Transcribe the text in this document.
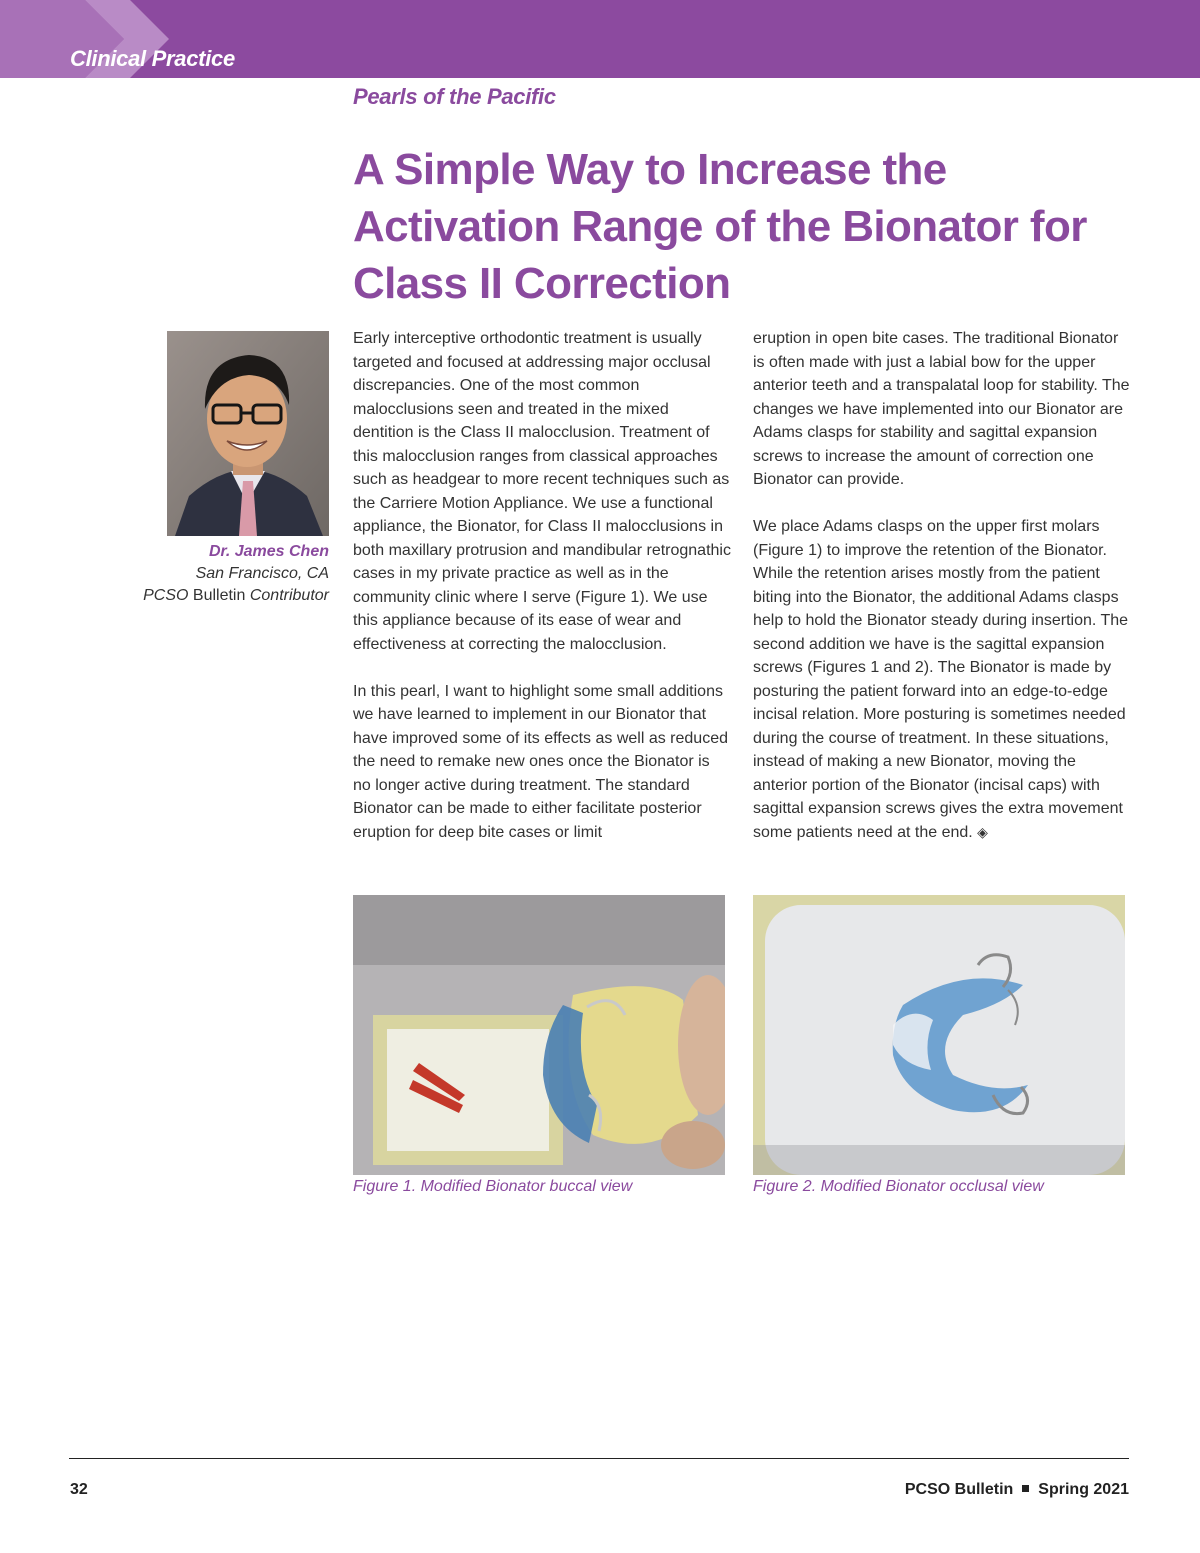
Clinical Practice
Pearls of the Pacific
A Simple Way to Increase the Activation Range of the Bionator for Class II Correction
Dr. James Chen
San Francisco, CA
PCSO Bulletin Contributor

Early interceptive orthodontic treatment is usually targeted and focused at addressing major occlusal discrepancies. One of the most common malocclusions seen and treated in the mixed dentition is the Class II malocclusion. Treatment of this malocclusion ranges from classical approaches such as headgear to more recent techniques such as the Carriere Motion Appliance. We use a functional appliance, the Bionator, for Class II malocclusions in both maxillary protrusion and mandibular retrognathic cases in my private practice as well as in the community clinic where I serve (Figure 1). We use this appliance because of its ease of wear and effectiveness at correcting the malocclusion.

In this pearl, I want to highlight some small additions we have learned to implement in our Bionator that have improved some of its effects as well as reduced the need to remake new ones once the Bionator is no longer active during treatment. The standard Bionator can be made to either facilitate posterior eruption for deep bite cases or limit

eruption in open bite cases. The traditional Bionator is often made with just a labial bow for the upper anterior teeth and a transpalatal loop for stability. The changes we have implemented into our Bionator are Adams clasps for stability and sagittal expansion screws to increase the amount of correction one Bionator can provide.

We place Adams clasps on the upper first molars (Figure 1) to improve the retention of the Bionator. While the retention arises mostly from the patient biting into the Bionator, the additional Adams clasps help to hold the Bionator steady during insertion. The second addition we have is the sagittal expansion screws (Figures 1 and 2). The Bionator is made by posturing the patient forward into an edge-to-edge incisal relation. More posturing is sometimes needed during the course of treatment. In these situations, instead of making a new Bionator, moving the anterior portion of the Bionator (incisal caps) with sagittal expansion screws gives the extra movement some patients need at the end. ◈

Figure 1. Modified Bionator buccal view	Figure 2. Modified Bionator occlusal view
32	PCSO Bulletin Spring 2021
